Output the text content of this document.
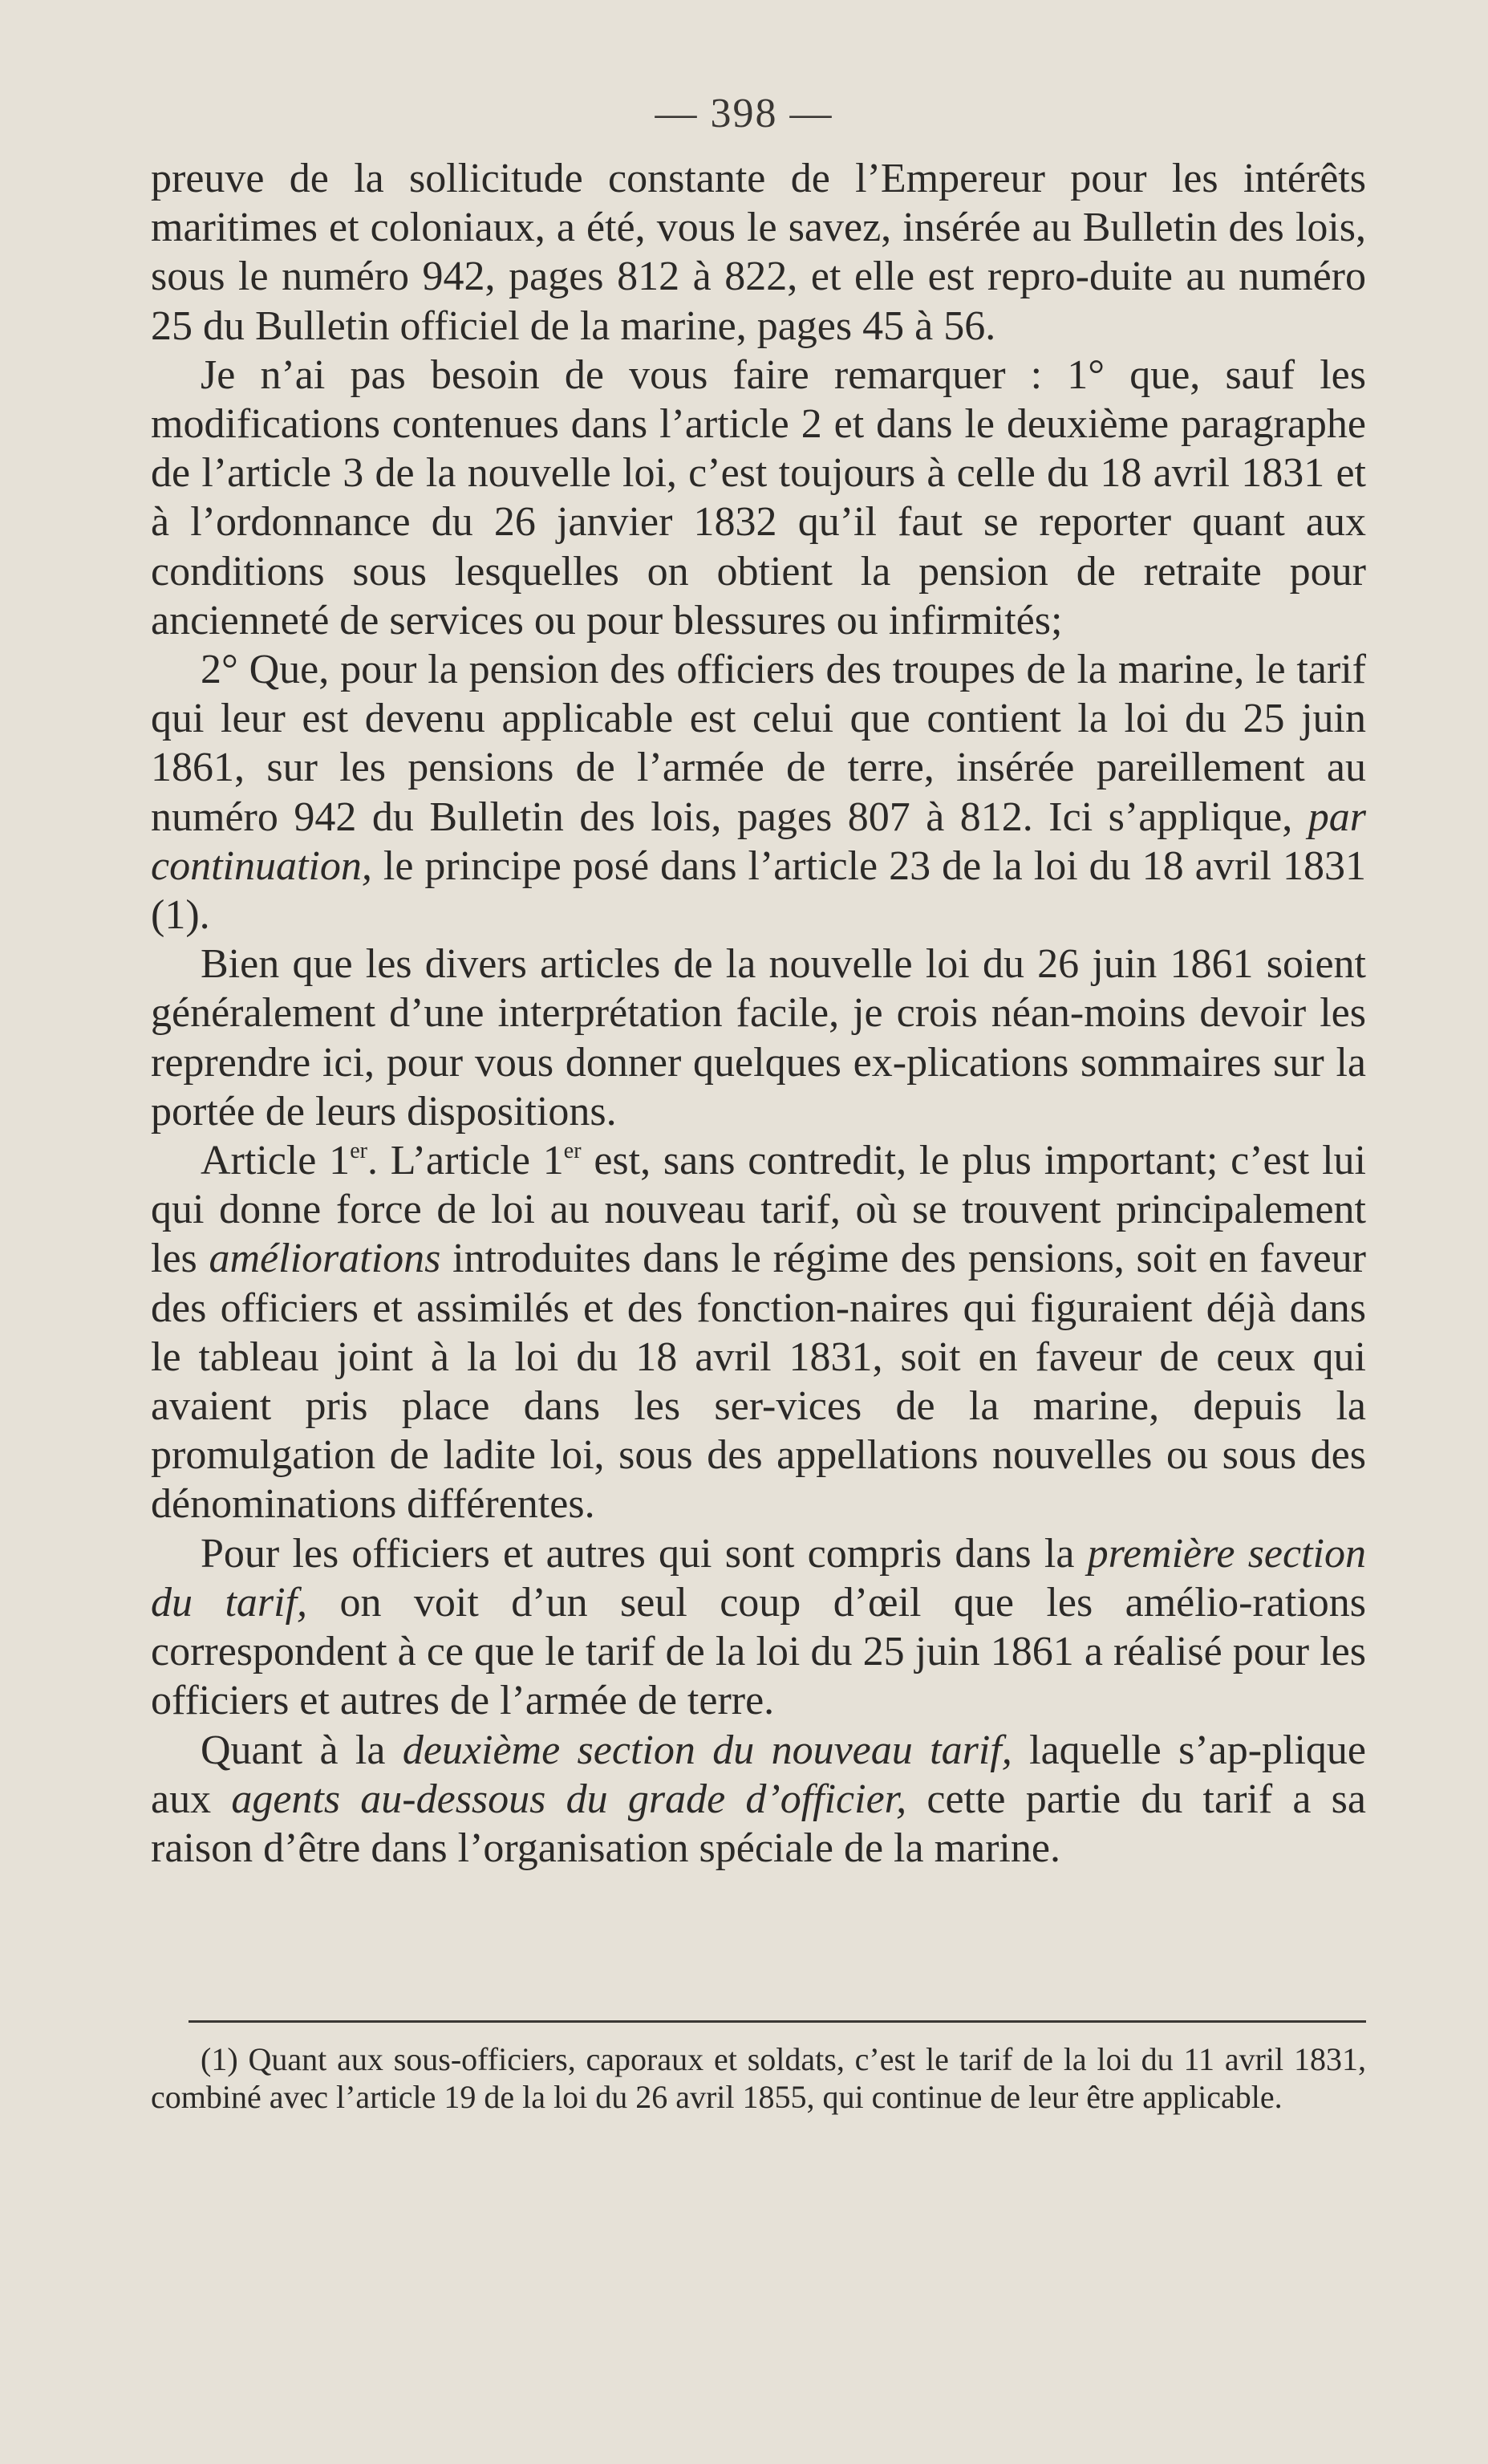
— 398 —

preuve de la sollicitude constante de l’Empereur pour les intérêts maritimes et coloniaux, a été, vous le savez, insérée au Bulletin des lois, sous le numéro 942, pages 812 à 822, et elle est repro-duite au numéro 25 du Bulletin officiel de la marine, pages 45 à 56.

Je n’ai pas besoin de vous faire remarquer : 1° que, sauf les modifications contenues dans l’article 2 et dans le deuxième paragraphe de l’article 3 de la nouvelle loi, c’est toujours à celle du 18 avril 1831 et à l’ordonnance du 26 janvier 1832 qu’il faut se reporter quant aux conditions sous lesquelles on obtient la pension de retraite pour ancienneté de services ou pour blessures ou infirmités;

2° Que, pour la pension des officiers des troupes de la marine, le tarif qui leur est devenu applicable est celui que contient la loi du 25 juin 1861, sur les pensions de l’armée de terre, insérée pareillement au numéro 942 du Bulletin des lois, pages 807 à 812. Ici s’applique, par continuation, le principe posé dans l’article 23 de la loi du 18 avril 1831 (1).

Bien que les divers articles de la nouvelle loi du 26 juin 1861 soient généralement d’une interprétation facile, je crois néan-moins devoir les reprendre ici, pour vous donner quelques ex-plications sommaires sur la portée de leurs dispositions.

Article 1er. L’article 1er est, sans contredit, le plus important; c’est lui qui donne force de loi au nouveau tarif, où se trouvent principalement les améliorations introduites dans le régime des pensions, soit en faveur des officiers et assimilés et des fonction-naires qui figuraient déjà dans le tableau joint à la loi du 18 avril 1831, soit en faveur de ceux qui avaient pris place dans les ser-vices de la marine, depuis la promulgation de ladite loi, sous des appellations nouvelles ou sous des dénominations différentes.

Pour les officiers et autres qui sont compris dans la première section du tarif, on voit d’un seul coup d’œil que les amélio-rations correspondent à ce que le tarif de la loi du 25 juin 1861 a réalisé pour les officiers et autres de l’armée de terre.

Quant à la deuxième section du nouveau tarif, laquelle s’ap-plique aux agents au-dessous du grade d’officier, cette partie du tarif a sa raison d’être dans l’organisation spéciale de la marine.

(1) Quant aux sous-officiers, caporaux et soldats, c’est le tarif de la loi du 11 avril 1831, combiné avec l’article 19 de la loi du 26 avril 1855, qui continue de leur être applicable.
